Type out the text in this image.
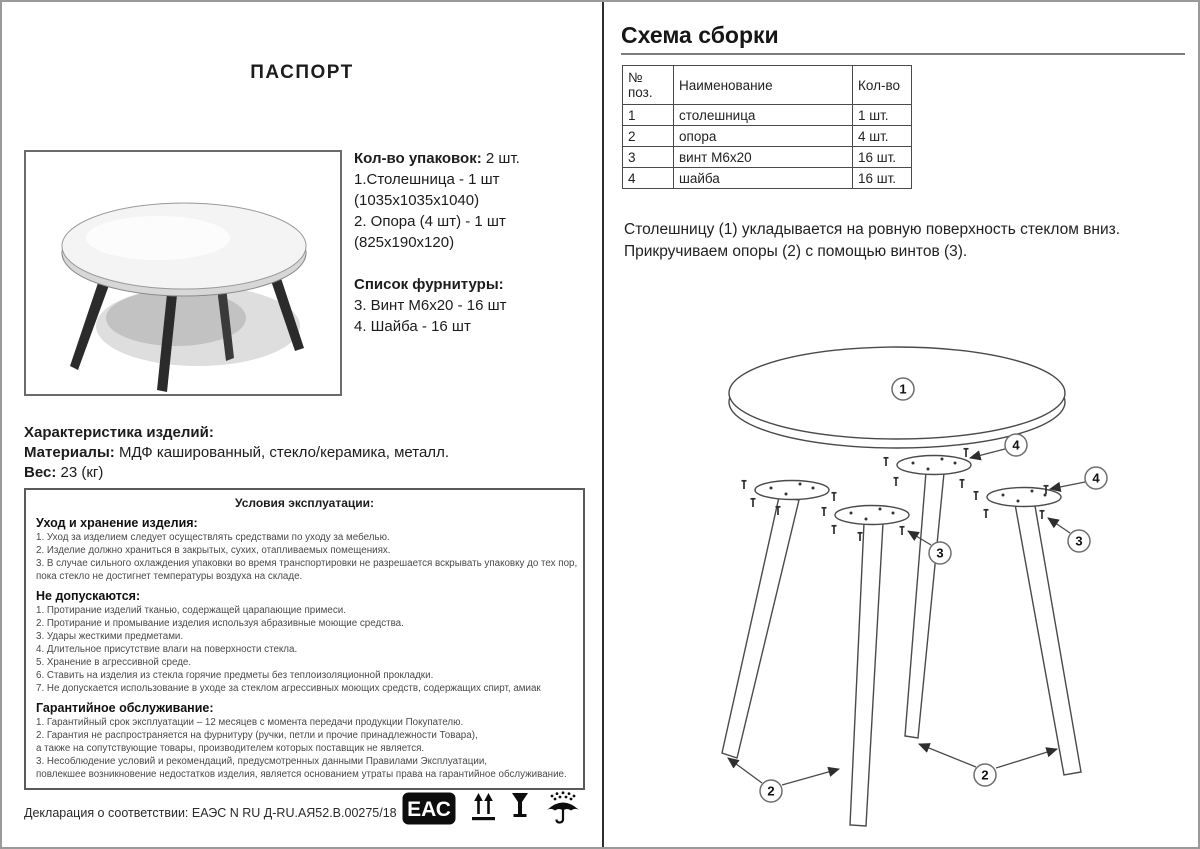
ПАСПОРТ
Кол-во упаковок: 2 шт.
1.Столешница - 1 шт
(1035х1035х1040)
2. Опора (4 шт) - 1 шт
(825х190х120)
Список фурнитуры:
3. Винт М6х20 - 16 шт
4. Шайба - 16 шт
Характеристика изделий:
Материалы: МДФ кашированный, стекло/керамика, металл.
Вес: 23 (кг)
Условия эксплуатации:
Уход и хранение изделия:
1. Уход за изделием следует осуществлять средствами по уходу за мебелью.
2. Изделие должно храниться в закрытых, сухих, отапливаемых помещениях.
3. В случае сильного охлаждения упаковки во время транспортировки не разрешается вскрывать упаковку до тех пор,
пока стекло не достигнет температуры воздуха на складе.
Не допускаются:
1. Протирание изделий тканью, содержащей царапающие примеси.
2. Протирание и промывание изделия используя абразивные моющие средства.
3. Удары жесткими предметами.
4. Длительное присутствие влаги на поверхности стекла.
5. Хранение в агрессивной среде.
6. Ставить на изделия из стекла горячие предметы без теплоизоляционной прокладки.
7. Не допускается использование в уходе за стеклом агрессивных моющих средств, содержащих спирт, амиак
Гарантийное обслуживание:
1. Гарантийный срок эксплуатации – 12 месяцев с момента передачи продукции Покупателю.
2. Гарантия не распространяется на фурнитуру (ручки, петли и прочие принадлежности Товара),
а также на сопутствующие товары, производителем которых поставщик не является.
3. Несоблюдение условий и рекомендаций, предусмотренных данными Правилами Эксплуатации,
повлекшее возникновение недостатков изделия, является основанием утраты права на гарантийное обслуживание.
Декларация о соответствии: ЕАЭС N RU Д-RU.АЯ52.В.00275/18 ЕАС
Схема сборки
№ поз.	Наименование	Кол-во
1	столешница	1 шт.
2	опора	4 шт.
3	винт М6х20	16 шт.
4	шайба	16 шт.
Столешницу (1) укладывается на ровную поверхность стеклом вниз.
Прикручиваем опоры (2) с помощью винтов (3).
1
4
4
3
3
2
2
